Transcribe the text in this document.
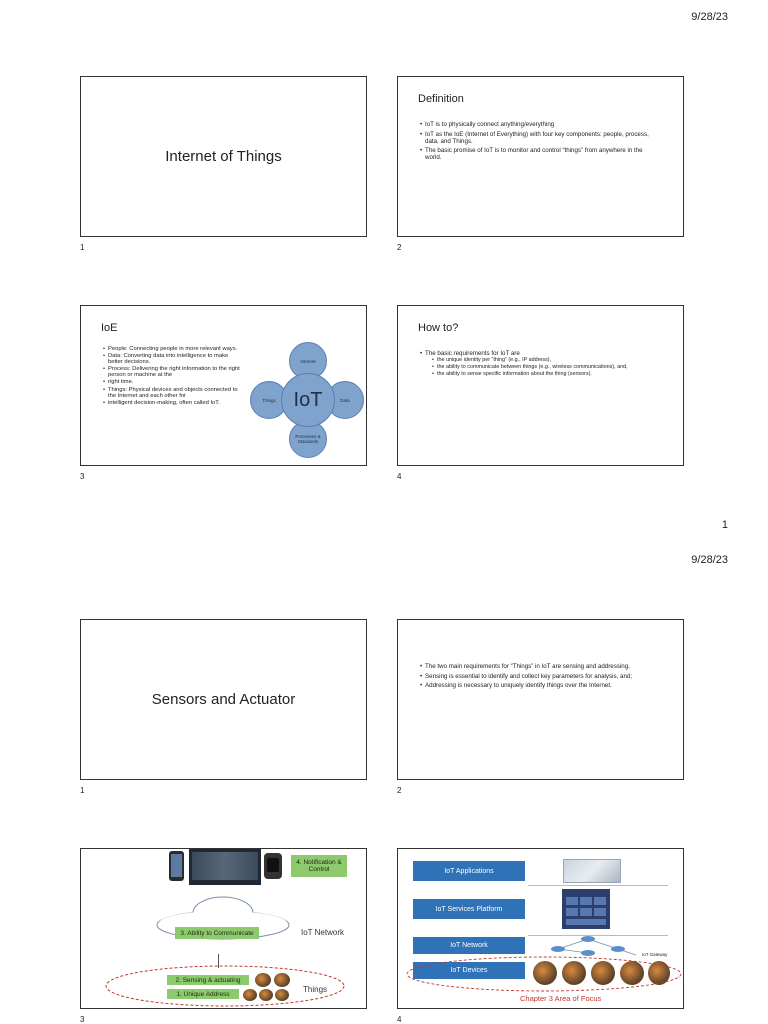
9/28/23
Internet of Things
1
Definition
• IoT is to physically connect anything/everything
• IoT as the IoE (Internet of Everything) with four key components: people, process, data, and Things.
• The basic promise of IoT is to monitor and control “things” from anywhere in the world.
2
IoE
• People: Connecting people in more relevant ways.
• Data: Converting data into intelligence to make better decisions.
• Process: Delivering the right information to the right person or machine at the
• right time.
• Things: Physical devices and objects connected to the Internet and each other for
• intelligent decision-making, often called IoT.
Internet
Things	Data
Processes & Standards
IoT
3
How to?
• The basic requirements for IoT are
• the unique identity per “thing” (e.g., IP address),
• the ability to communicate between things (e.g., wireless communications), and,
• the ability to sense specific information about the thing (sensors).
4
1
9/28/23
Sensors and Actuator
1
• The two main requirements for “Things” in IoT are sensing and addressing.
• Sensing is essential to identify and collect key parameters for analysis, and;
• Addressing is necessary to uniquely identify things over the Internet.
2
4. Notification & Control
3. Ability to Communicate	IoT Network
2. Sensing & actuating
1. Unique Address	Things
3
IoT Applications
IoT Services Platform
IoT Network
IoT Devices
IoT Gateway
Chapter 3 Area of Focus
4
